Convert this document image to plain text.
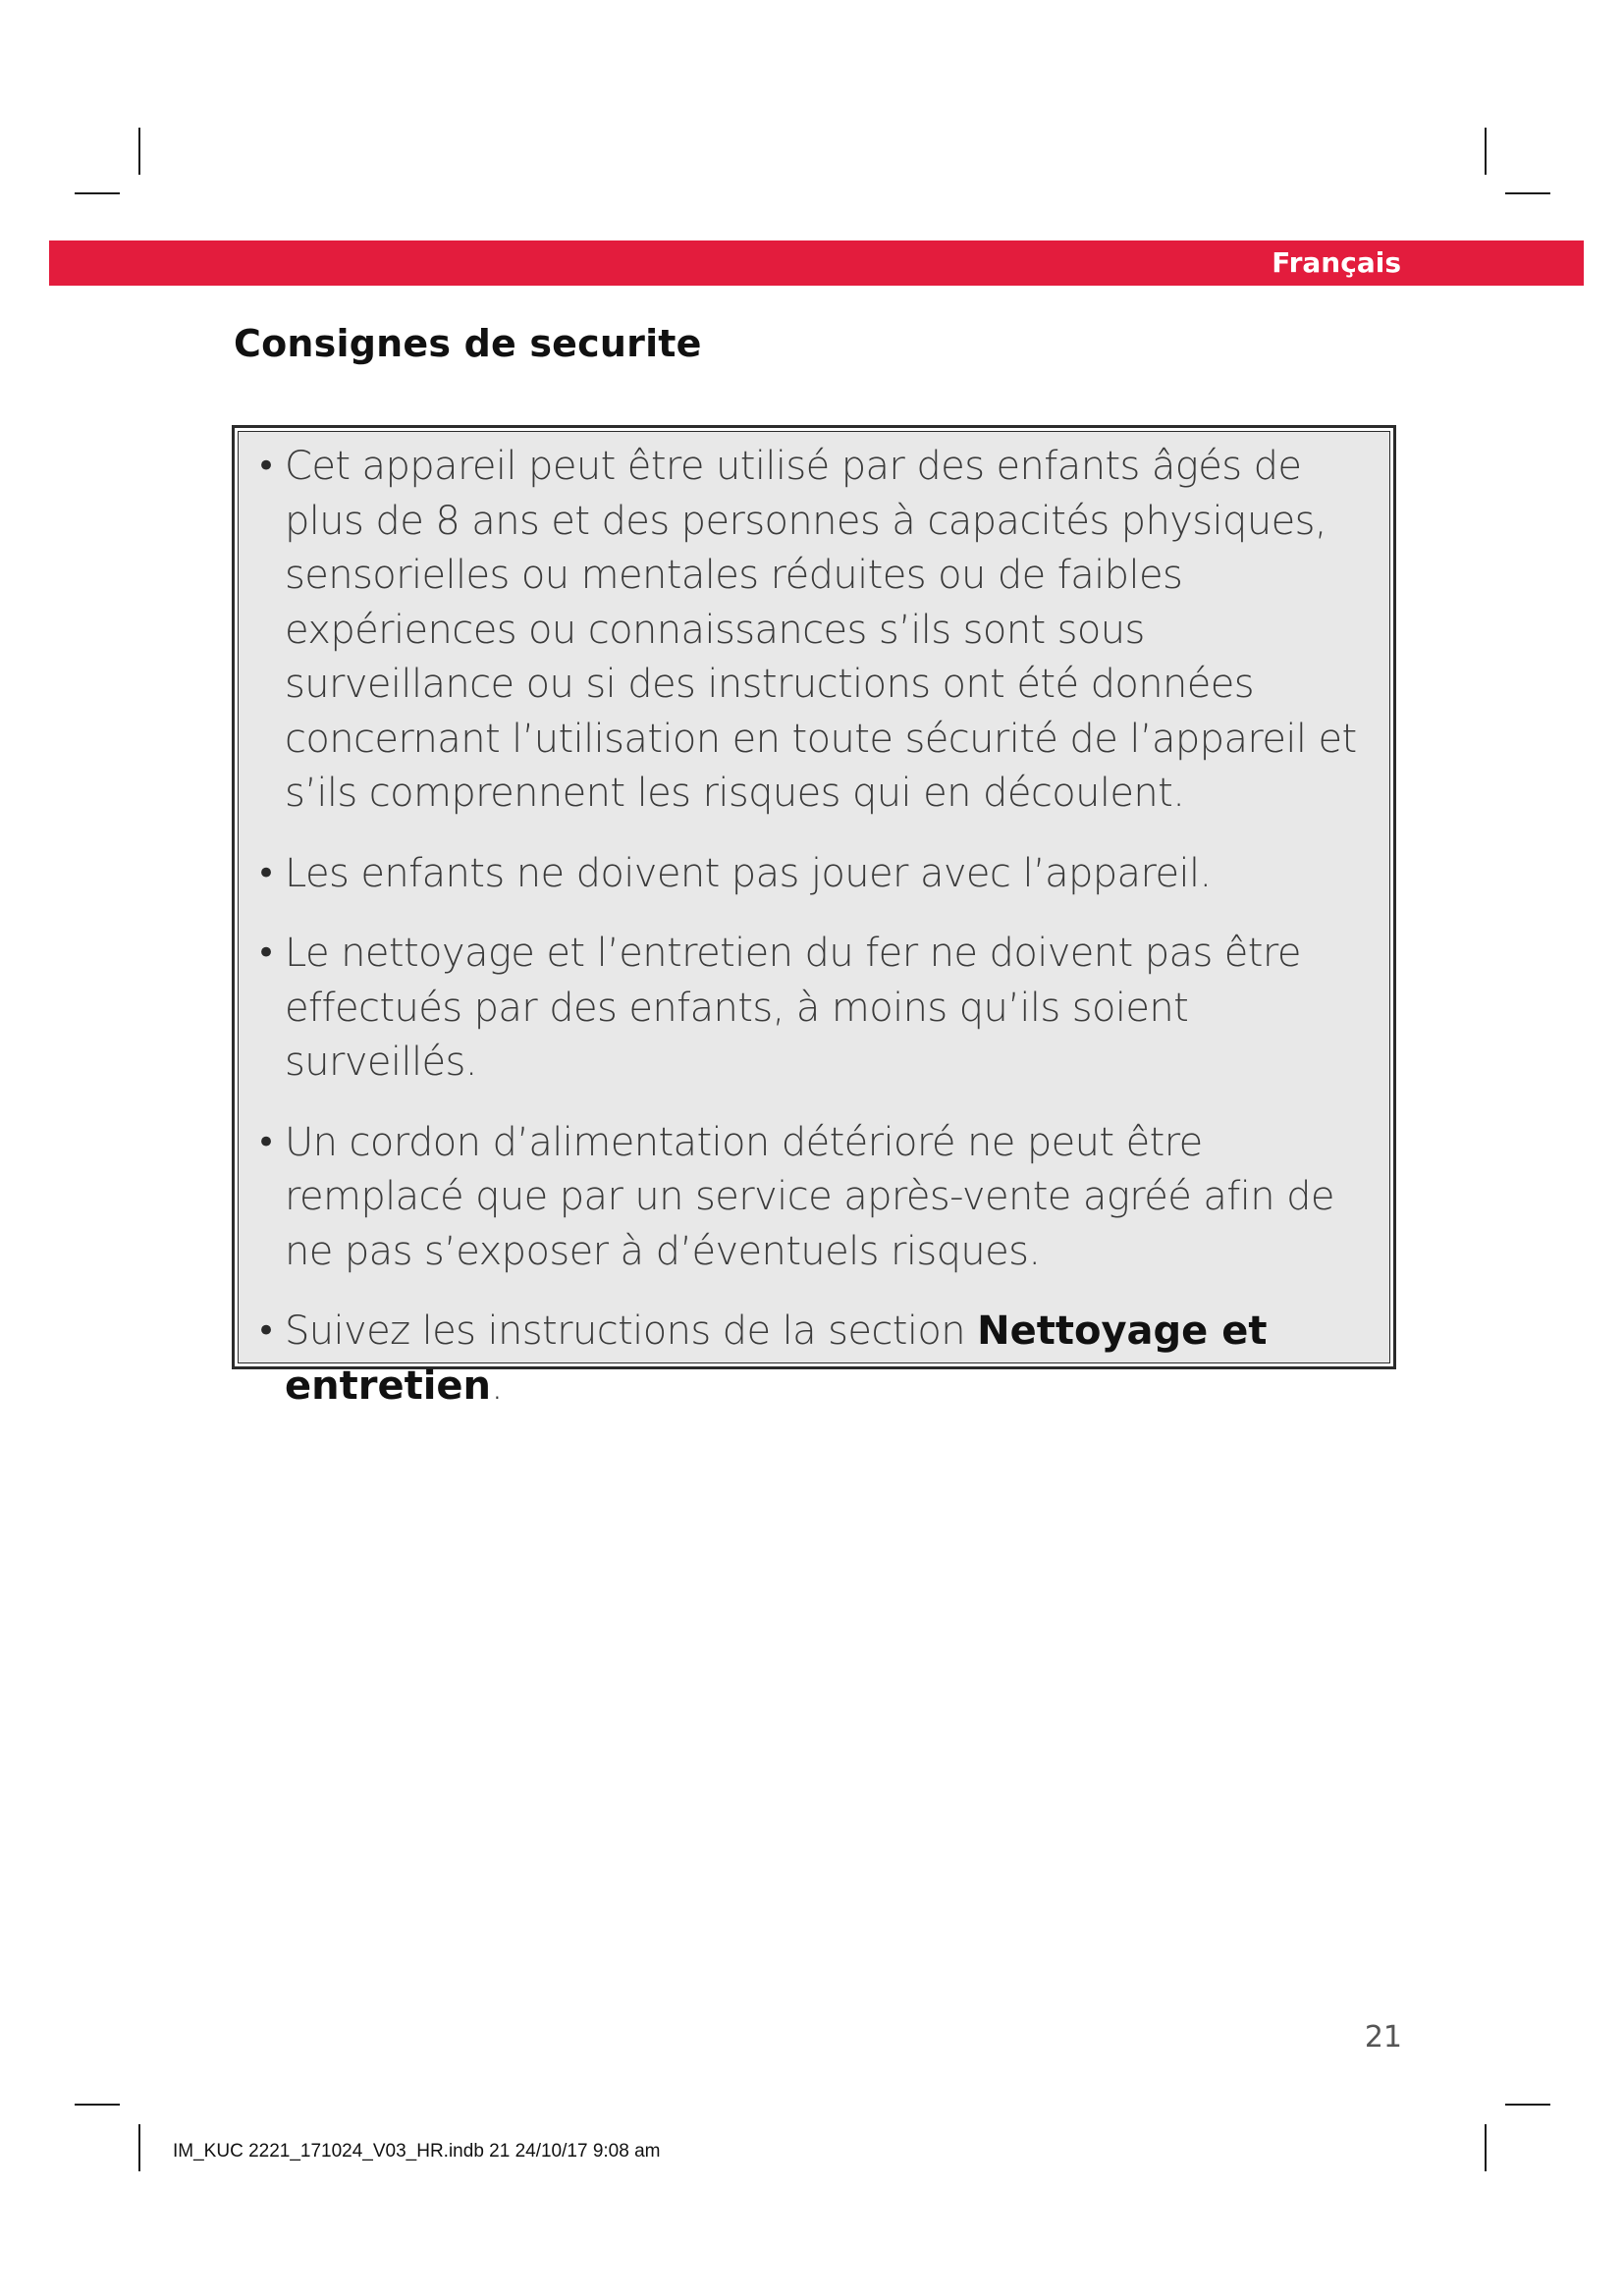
Français
Consignes de securite
• Cet appareil peut être utilisé par des enfants âgés de plus de 8 ans et des personnes à capacités physiques, sensorielles ou mentales réduites ou de faibles expériences ou connaissances s’ils sont sous surveillance ou si des instructions ont été données concernant l’utilisation en toute sécurité de l’appareil et s’ils comprennent les risques qui en découlent.
• Les enfants ne doivent pas jouer avec l’appareil.
• Le nettoyage et l’entretien du fer ne doivent pas être effectués par des enfants, à moins qu’ils soient surveillés.
• Un cordon d’alimentation détérioré ne peut être remplacé que par un service après-vente agréé afin de ne pas s’exposer à d’éventuels risques.
• Suivez les instructions de la section Nettoyage et entretien.
21
IM_KUC 2221_171024_V03_HR.indb 21 24/10/17 9:08 am
